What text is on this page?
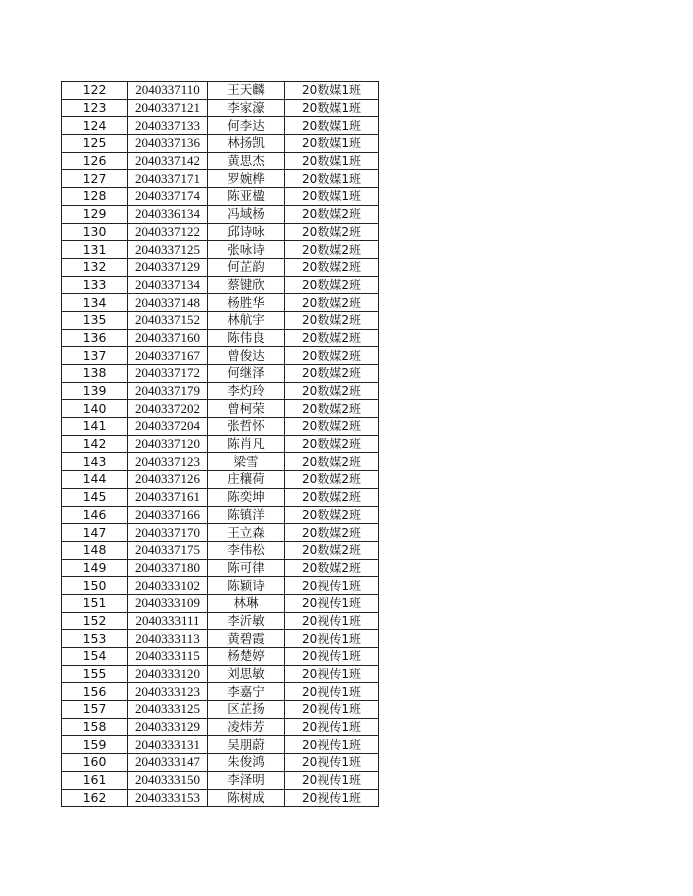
122	2040337110	王天麟	20数媒1班
123	2040337121	李家濠	20数媒1班
124	2040337133	何李达	20数媒1班
125	2040337136	林扬凯	20数媒1班
126	2040337142	黄思杰	20数媒1班
127	2040337171	罗婉桦	20数媒1班
128	2040337174	陈亚楹	20数媒1班
129	2040336134	冯域杨	20数媒2班
130	2040337122	邱诗咏	20数媒2班
131	2040337125	张咏诗	20数媒2班
132	2040337129	何芷韵	20数媒2班
133	2040337134	蔡键欣	20数媒2班
134	2040337148	杨胜华	20数媒2班
135	2040337152	林航宇	20数媒2班
136	2040337160	陈伟良	20数媒2班
137	2040337167	曾俊达	20数媒2班
138	2040337172	何继泽	20数媒2班
139	2040337179	李灼玲	20数媒2班
140	2040337202	曾柯荣	20数媒2班
141	2040337204	张哲怀	20数媒2班
142	2040337120	陈肖凡	20数媒2班
143	2040337123	梁雪	20数媒2班
144	2040337126	庄穰荷	20数媒2班
145	2040337161	陈奕坤	20数媒2班
146	2040337166	陈镇洋	20数媒2班
147	2040337170	王立森	20数媒2班
148	2040337175	李伟松	20数媒2班
149	2040337180	陈可律	20数媒2班
150	2040333102	陈颖诗	20视传1班
151	2040333109	林琳	20视传1班
152	2040333111	李沂敏	20视传1班
153	2040333113	黄碧霞	20视传1班
154	2040333115	杨楚婷	20视传1班
155	2040333120	刘思敏	20视传1班
156	2040333123	李嘉宁	20视传1班
157	2040333125	区芷扬	20视传1班
158	2040333129	凌炜芳	20视传1班
159	2040333131	吴朋蔚	20视传1班
160	2040333147	朱俊鸿	20视传1班
161	2040333150	李泽明	20视传1班
162	2040333153	陈树成	20视传1班
